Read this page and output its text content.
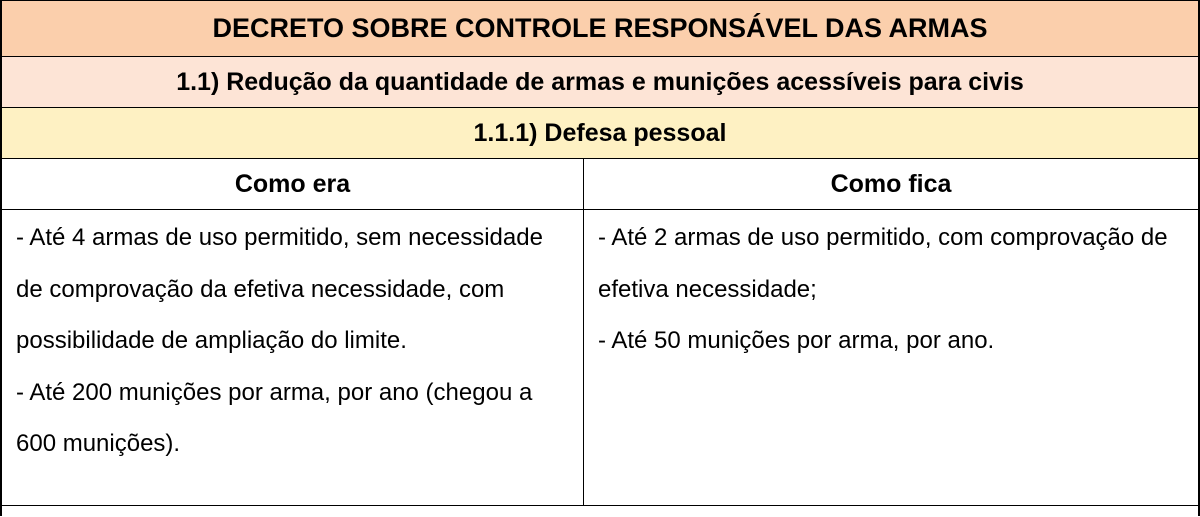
DECRETO SOBRE CONTROLE RESPONSÁVEL DAS ARMAS
1.1) Redução da quantidade de armas e munições acessíveis para civis
1.1.1) Defesa pessoal
Como era	Como fica

- Até 4 armas de uso permitido, sem necessidade de comprovação da efetiva necessidade, com possibilidade de ampliação do limite.

- Até 200 munições por arma, por ano (chegou a 600 munições).

- Até 2 armas de uso permitido, com comprovação de efetiva necessidade;

- Até 50 munições por arma, por ano.
